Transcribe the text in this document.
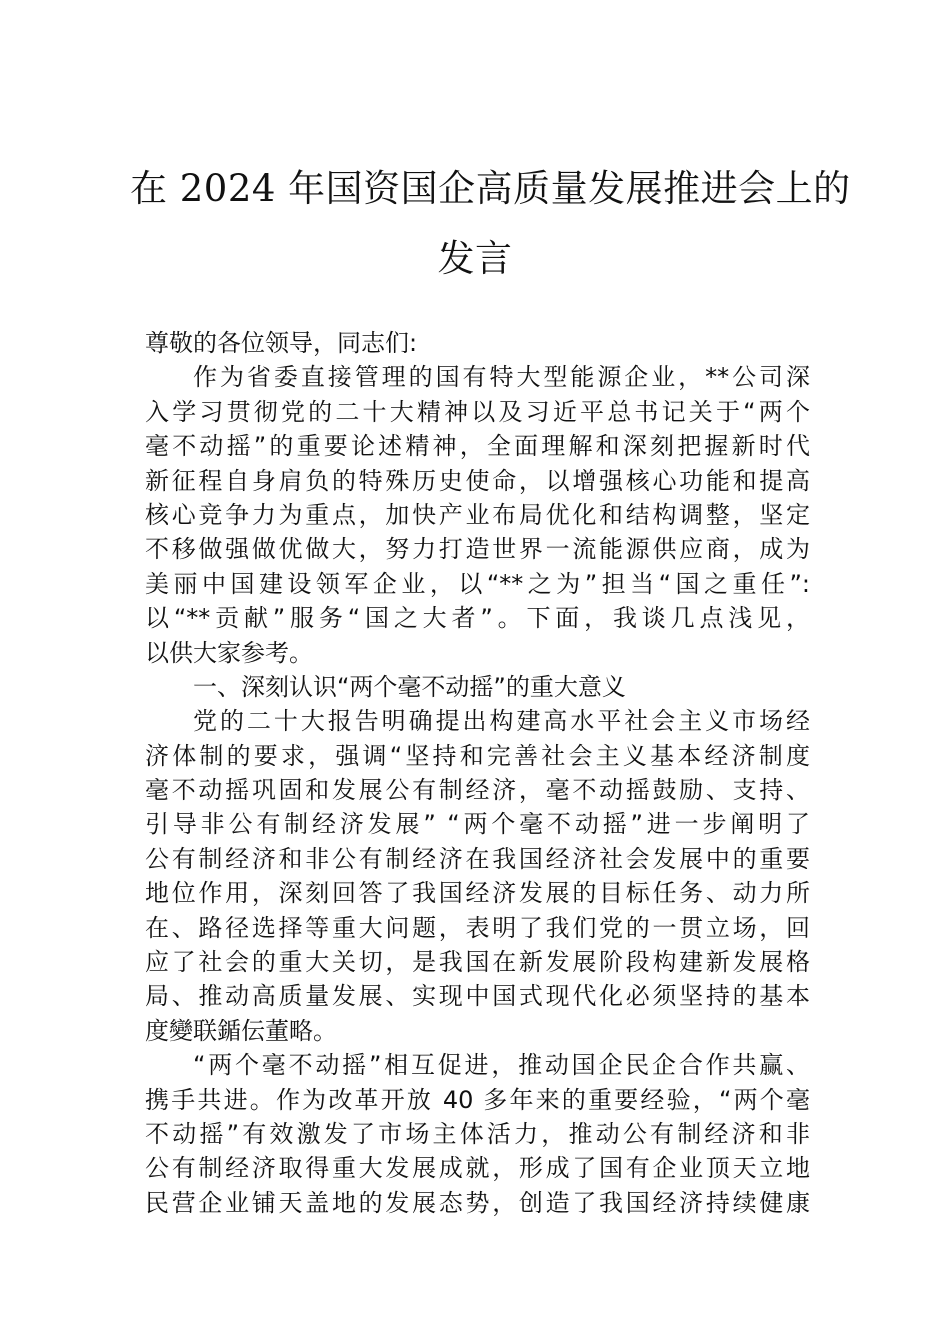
在 2024 年国资国企高质量发展推进会上的
发言
尊敬的各位领导，同志们:
作为省委直接管理的国有特大型能源企业，**公司深
入学习贯彻党的二十大精神以及习近平总书记关于“两个
毫不动摇”的重要论述精神，全面理解和深刻把握新时代
新征程自身肩负的特殊历史使命，以增强核心功能和提高
核心竞争力为重点，加快产业布局优化和结构调整，坚定
不移做强做优做大，努力打造世界一流能源供应商，成为
美丽中国建设领军企业，以“**之为”担当“国之重任”:
以“**贡献”服务“国之大者”。下面，我谈几点浅见，
以供大家参考。
一、深刻认识“两个毫不动摇”的重大意义
党的二十大报告明确提出构建高水平社会主义市场经
济体制的要求，强调“坚持和完善社会主义基本经济制度
毫不动摇巩固和发展公有制经济，毫不动摇鼓励、支持、
引导非公有制经济发展” “两个毫不动摇”进一步阐明了
公有制经济和非公有制经济在我国经济社会发展中的重要
地位作用，深刻回答了我国经济发展的目标任务、动力所
在、路径选择等重大问题，表明了我们党的一贯立场，回
应了社会的重大关切，是我国在新发展阶段构建新发展格
局、推动高质量发展、实现中国式现代化必须坚持的基本
度變联鍎伝董略。
“两个毫不动摇”相互促进，推动国企民企合作共赢、
携手共进。作为改革开放 40 多年来的重要经验，“两个毫
不动摇”有效激发了市场主体活力，推动公有制经济和非
公有制经济取得重大发展成就，形成了国有企业顶天立地
民营企业铺天盖地的发展态势，创造了我国经济持续健康
